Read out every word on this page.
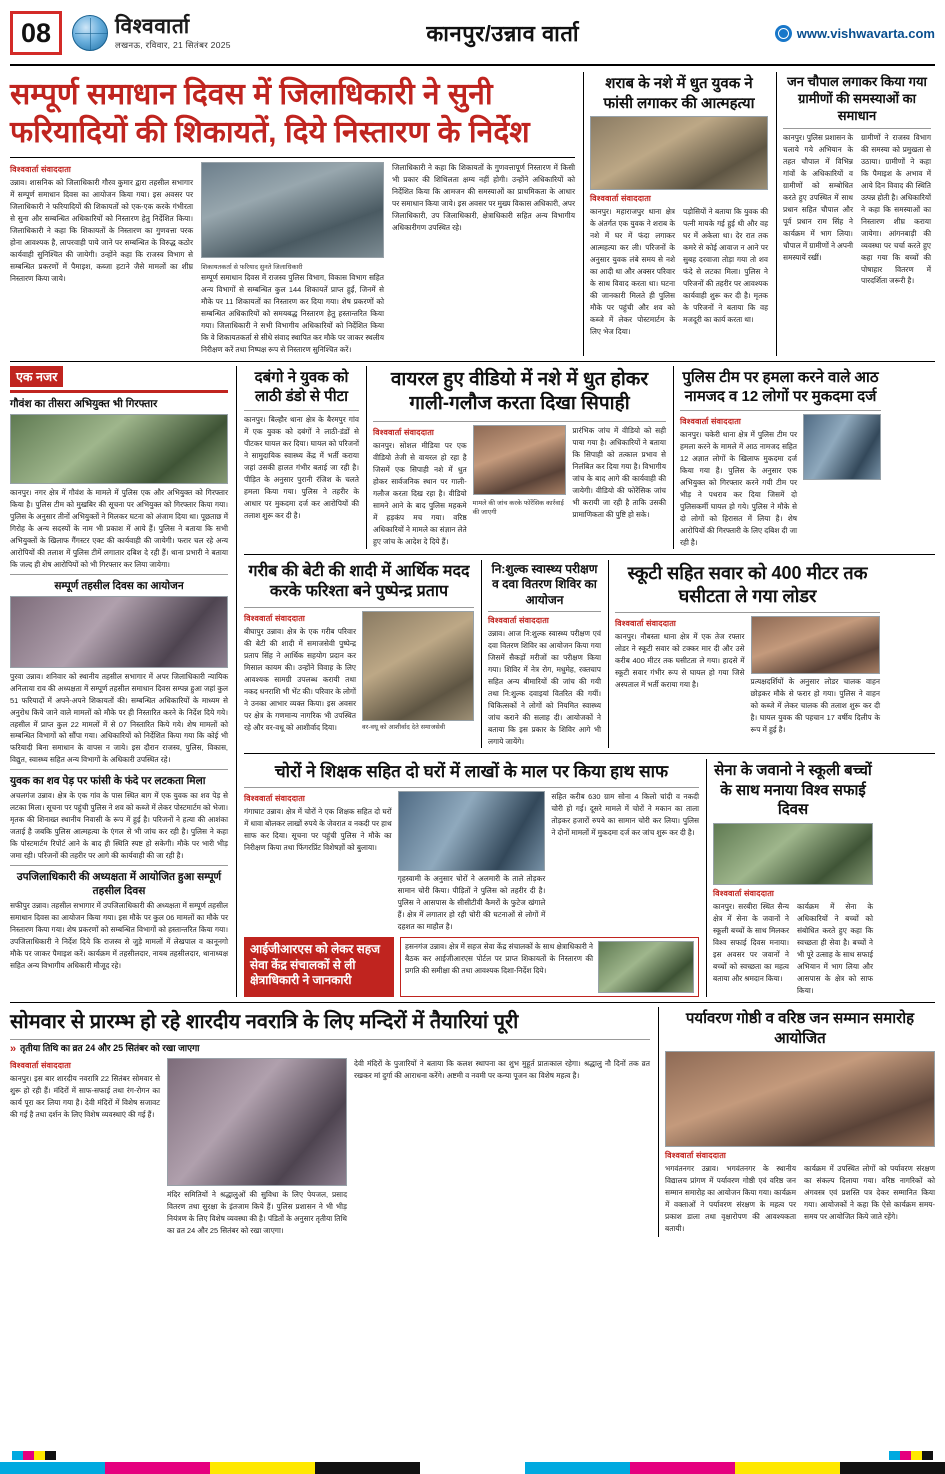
08	विश्ववार्ता
लखनऊ, रविवार, 21 सितंबर 2025	कानपुर/उन्नाव वार्ता	www.vishwavarta.com
सम्पूर्ण समाधान दिवस में जिलाधिकारी ने सुनी फरियादियों की शिकायतें, दिये निस्तारण के निर्देश
विश्ववार्ता संवाददाता
उन्नाव। शासनिक को जिलाधिकारी गौरव कुमार द्वारा तहसील सभागार में सम्पूर्ण समाधान दिवस का आयोजन किया गया। इस अवसर पर जिलाधिकारी ने फरियादियों की शिकायतों को एक-एक करके गंभीरता से सुना और सम्बन्धित अधिकारियों को निस्तारण हेतु निर्देशित किया। जिलाधिकारी ने कहा कि शिकायतों के निस्तारण का गुणवत्ता परक होना आवश्यक है, लापरवाही पाये जाने पर सम्बन्धित के विरुद्ध कठोर कार्यवाही सुनिश्चित की जायेगी। उन्होंने कहा कि राजस्व विभाग से सम्बन्धित प्रकरणों में पैमाइश, कब्जा हटाने जैसे मामलों का शीघ्र निस्तारण किया जाये।
शिकायतकर्ता से फरियाद सुनते जिलाधिकारी
सम्पूर्ण समाधान दिवस में राजस्व पुलिस विभाग, विकास विभाग सहित अन्य विभागों से सम्बन्धित कुल 144 शिकायतें प्राप्त हुईं, जिनमें से मौके पर 11 शिकायतों का निस्तारण कर दिया गया। शेष प्रकरणों को सम्बन्धित अधिकारियों को समयबद्ध निस्तारण हेतु हस्तान्तरित किया गया। जिलाधिकारी ने सभी विभागीय अधिकारियों को निर्देशित किया कि वे शिकायतकर्ता से सीधे संवाद स्थापित कर मौके पर जाकर स्थलीय निरीक्षण करें तथा निष्पक्ष रूप से निस्तारण सुनिश्चित करें।
जिलाधिकारी ने कहा कि शिकायतों के गुणवत्तापूर्ण निस्तारण में किसी भी प्रकार की शिथिलता क्षम्य नहीं होगी। उन्होंने अधिकारियों को निर्देशित किया कि आमजन की समस्याओं का प्राथमिकता के आधार पर समाधान किया जाये। इस अवसर पर मुख्य विकास अधिकारी, अपर जिलाधिकारी, उप जिलाधिकारी, क्षेत्राधिकारी सहित अन्य विभागीय अधिकारीगण उपस्थित रहे।
शराब के नशे में धुत युवक ने फांसी लगाकर की आत्महत्या
विश्ववार्ता संवाददाता
कानपुर। महाराजपुर थाना क्षेत्र के अंतर्गत एक युवक ने शराब के नशे में घर में फंदा लगाकर आत्महत्या कर ली। परिजनों के अनुसार युवक लंबे समय से नशे का आदी था और अक्सर परिवार के साथ विवाद करता था। घटना की जानकारी मिलते ही पुलिस मौके पर पहुंची और शव को कब्जे में लेकर पोस्टमार्टम के लिए भेज दिया।
पड़ोसियों ने बताया कि युवक की पत्नी मायके गई हुई थी और वह घर में अकेला था। देर रात तक कमरे से कोई आवाज न आने पर सुबह दरवाजा तोड़ा गया तो शव फंदे से लटका मिला। पुलिस ने परिजनों की तहरीर पर आवश्यक कार्यवाही शुरू कर दी है। मृतक के परिजनों ने बताया कि वह मजदूरी का कार्य करता था।
जन चौपाल लगाकर किया गया ग्रामीणों की समस्याओं का समाधान
कानपुर। पुलिस प्रशासन के चलाये गये अभियान के तहत चौपाल में विभिन्न गांवों के अधिकारियों व ग्रामीणों को सम्बोधित करते हुए उपस्थित में साथ प्रधान सहित चौपाल और पूर्व प्रधान राम सिंह ने कार्यक्रम में भाग लिया। चौपाल में ग्रामीणों ने अपनी समस्यायें रखीं।
ग्रामीणों ने राजस्व विभाग की समस्या को प्रमुखता से उठाया। ग्रामीणों ने कहा कि पैमाइश के अभाव में आये दिन विवाद की स्थिति उत्पन्न होती है। अधिकारियों ने कहा कि समस्याओं का निस्तारण शीघ्र कराया जायेगा। आंगनबाड़ी की व्यवस्था पर चर्चा करते हुए कहा गया कि बच्चों की पोषाहार वितरण में पारदर्शिता जरूरी है।
एक नजर
गौवंश का तीसरा अभियुक्त भी गिरफ्तार
कानपुर। नगर क्षेत्र में गौवंश के मामले में पुलिस एक और अभियुक्त को गिरफ्तार किया है। पुलिस टीम को मुखबिर की सूचना पर अभियुक्त को गिरफ्तार किया गया। पुलिस के अनुसार तीनों अभियुक्तों ने मिलकर घटना को अंजाम दिया था। पूछताछ में गिरोह के अन्य सदस्यों के नाम भी प्रकाश में आये हैं। पुलिस ने बताया कि सभी अभियुक्तों के खिलाफ गैंगस्टर एक्ट की कार्यवाही की जायेगी। फरार चल रहे अन्य आरोपियों की तलाश में पुलिस टीमें लगातार दबिश दे रही हैं। थाना प्रभारी ने बताया कि जल्द ही शेष आरोपियों को भी गिरफ्तार कर लिया जायेगा।
सम्पूर्ण तहसील दिवस का आयोजन
पुरवा उन्नाव। शनिवार को स्थानीय तहसील सभागार में अपर जिलाधिकारी न्यायिक अनिलाया राव की अध्यक्षता में सम्पूर्ण तहसील समाधान दिवस सम्पन्न हुआ जहां कुल 51 फरियादों में अपने-अपने शिकायतों की। सम्बन्धित अधिकारियों के माध्यम से अनुरोध किये जाने वाले मामलों को मौके पर ही निस्तारित करने के निर्देश दिये गये। तहसील में प्राप्त कुल 22 मामलों में से 07 निस्तारित किये गये। शेष मामलों को सम्बन्धित विभागों को सौंपा गया। अधिकारियों को निर्देशित किया गया कि कोई भी फरियादी बिना समाधान के वापस न जाये। इस दौरान राजस्व, पुलिस, विकास, विद्युत, स्वास्थ्य सहित अन्य विभागों के अधिकारी उपस्थित रहे।
युवक का शव पेड़ पर फांसी के फंदे पर लटकता मिला
अचलगंज उन्नाव। क्षेत्र के एक गांव के पास स्थित बाग में एक युवक का शव पेड़ से लटका मिला। सूचना पर पहुंची पुलिस ने शव को कब्जे में लेकर पोस्टमार्टम को भेजा। मृतक की शिनाख्त स्थानीय निवासी के रूप में हुई है। परिजनों ने हत्या की आशंका जताई है जबकि पुलिस आत्महत्या के एंगल से भी जांच कर रही है। पुलिस ने कहा कि पोस्टमार्टम रिपोर्ट आने के बाद ही स्थिति स्पष्ट हो सकेगी। मौके पर भारी भीड़ जमा रही। परिजनों की तहरीर पर आगे की कार्यवाही की जा रही है।
उपजिलाधिकारी की अध्यक्षता में आयोजित हुआ सम्पूर्ण तहसील दिवस
सफीपुर उन्नाव। तहसील सभागार में उपजिलाधिकारी की अध्यक्षता में सम्पूर्ण तहसील समाधान दिवस का आयोजन किया गया। इस मौके पर कुल 06 मामलों का मौके पर निस्तारण किया गया। शेष प्रकरणों को सम्बन्धित विभागों को हस्तान्तरित किया गया। उपजिलाधिकारी ने निर्देश दिये कि राजस्व से जुड़े मामलों में लेखपाल व कानूनगो मौके पर जाकर पैमाइश करें। कार्यक्रम में तहसीलदार, नायब तहसीलदार, थानाध्यक्ष सहित अन्य विभागीय अधिकारी मौजूद रहे।
दबंगो ने युवक को लाठी डंडो से पीटा
कानपुर। बिल्हौर थाना क्षेत्र के बैरमपुर गांव में एक युवक को दबंगों ने लाठी-डंडों से पीटकर घायल कर दिया। घायल को परिजनों ने सामुदायिक स्वास्थ्य केंद्र में भर्ती कराया जहां उसकी हालत गंभीर बताई जा रही है। पीड़ित के अनुसार पुरानी रंजिश के चलते हमला किया गया। पुलिस ने तहरीर के आधार पर मुकदमा दर्ज कर आरोपियों की तलाश शुरू कर दी है।
वायरल हुए वीडियो में नशे में धुत होकर गाली-गलौज करता दिखा सिपाही
विश्ववार्ता संवाददाता
कानपुर। सोशल मीडिया पर एक वीडियो तेजी से वायरल हो रहा है जिसमें एक सिपाही नशे में धुत होकर सार्वजनिक स्थान पर गाली-गलौज करता दिख रहा है। वीडियो सामने आने के बाद पुलिस महकमे में हड़कंप मच गया। वरिष्ठ अधिकारियों ने मामले का संज्ञान लेते हुए जांच के आदेश दे दिये हैं।
मामले की जांच करके फोरेंसिक कार्रवाई की जाएगी
प्रारंभिक जांच में वीडियो को सही पाया गया है। अधिकारियों ने बताया कि सिपाही को तत्काल प्रभाव से निलंबित कर दिया गया है। विभागीय जांच के बाद आगे की कार्यवाही की जायेगी। वीडियो की फोरेंसिक जांच भी करायी जा रही है ताकि उसकी प्रामाणिकता की पुष्टि हो सके।
पुलिस टीम पर हमला करने वाले आठ नामजद व 12 लोगों पर मुकदमा दर्ज
विश्ववार्ता संवाददाता
कानपुर। चकेरी थाना क्षेत्र में पुलिस टीम पर हमला करने के मामले में आठ नामजद सहित 12 अज्ञात लोगों के खिलाफ मुकदमा दर्ज किया गया है। पुलिस के अनुसार एक अभियुक्त को गिरफ्तार करने गयी टीम पर भीड़ ने पथराव कर दिया जिसमें दो पुलिसकर्मी घायल हो गये। पुलिस ने मौके से दो लोगों को हिरासत में लिया है। शेष आरोपियों की गिरफ्तारी के लिए दबिश दी जा रही है।
गरीब की बेटी की शादी में आर्थिक मदद करके फरिश्ता बने पुष्पेन्द्र प्रताप
विश्ववार्ता संवाददाता
बीघापुर उन्नाव। क्षेत्र के एक गरीब परिवार की बेटी की शादी में समाजसेवी पुष्पेन्द्र प्रताप सिंह ने आर्थिक सहयोग प्रदान कर मिसाल कायम की। उन्होंने विवाह के लिए आवश्यक सामग्री उपलब्ध करायी तथा नकद धनराशि भी भेंट की। परिवार के लोगों ने उनका आभार व्यक्त किया। इस अवसर पर क्षेत्र के गणमान्य नागरिक भी उपस्थित रहे और वर-वधू को आशीर्वाद दिया।	वर-वधू को आशीर्वाद देते समाजसेवी
नि:शुल्क स्वास्थ्य परीक्षण व दवा वितरण शिविर का आयोजन
विश्ववार्ता संवाददाता
उन्नाव। आज नि:शुल्क स्वास्थ्य परीक्षण एवं दवा वितरण शिविर का आयोजन किया गया जिसमें सैकड़ों मरीजों का परीक्षण किया गया। शिविर में नेत्र रोग, मधुमेह, रक्तचाप सहित अन्य बीमारियों की जांच की गयी तथा नि:शुल्क दवाइयां वितरित की गयीं। चिकित्सकों ने लोगों को नियमित स्वास्थ्य जांच कराने की सलाह दी। आयोजकों ने बताया कि इस प्रकार के शिविर आगे भी लगाये जायेंगे।
स्कूटी सहित सवार को 400 मीटर तक घसीटता ले गया लोडर
विश्ववार्ता संवाददाता
कानपुर। नौबस्ता थाना क्षेत्र में एक तेज रफ्तार लोडर ने स्कूटी सवार को टक्कर मार दी और उसे करीब 400 मीटर तक घसीटता ले गया। हादसे में स्कूटी सवार गंभीर रूप से घायल हो गया जिसे अस्पताल में भर्ती कराया गया है।	प्रत्यक्षदर्शियों के अनुसार लोडर चालक वाहन छोड़कर मौके से फरार हो गया। पुलिस ने वाहन को कब्जे में लेकर चालक की तलाश शुरू कर दी है। घायल युवक की पहचान 17 वर्षीय दिलीप के रूप में हुई है।
चोरों ने शिक्षक सहित दो घरों में लाखों के माल पर किया हाथ साफ
विश्ववार्ता संवाददाता
गंगाघाट उन्नाव। क्षेत्र में चोरों ने एक शिक्षक सहित दो घरों में धावा बोलकर लाखों रुपये के जेवरात व नकदी पर हाथ साफ कर दिया। सूचना पर पहुंची पुलिस ने मौके का निरीक्षण किया तथा फिंगरप्रिंट विशेषज्ञों को बुलाया।
गृहस्वामी के अनुसार चोरों ने अलमारी के ताले तोड़कर सामान चोरी किया। पीड़ितों ने पुलिस को तहरीर दी है। पुलिस ने आसपास के सीसीटीवी कैमरों के फुटेज खंगाले हैं। क्षेत्र में लगातार हो रही चोरी की घटनाओं से लोगों में दहशत का माहौल है।
सहित करीब 630 ग्राम सोना 4 किलो चांदी व नकदी चोरी हो गई। दूसरे मामले में चोरों ने मकान का ताला तोड़कर हजारों रुपये का सामान चोरी कर लिया। पुलिस ने दोनों मामलों में मुकदमा दर्ज कर जांच शुरू कर दी है।
आईजीआरएस को लेकर सहज सेवा केंद्र संचालकों से ली क्षेत्राधिकारी ने जानकारी
हसनगंज उन्नाव। क्षेत्र में सहज सेवा केंद्र संचालकों के साथ क्षेत्राधिकारी ने बैठक कर आईजीआरएस पोर्टल पर प्राप्त शिकायतों के निस्तारण की प्रगति की समीक्षा की तथा आवश्यक दिशा-निर्देश दिये।
सेना के जवानो ने स्कूली बच्चों के साथ मनाया विश्व सफाई दिवस
विश्ववार्ता संवाददाता
कानपुर। सरबीरा स्थित सैन्य क्षेत्र में सेना के जवानों ने स्कूली बच्चों के साथ मिलकर विश्व सफाई दिवस मनाया। इस अवसर पर जवानों ने बच्चों को स्वच्छता का महत्व बताया और श्रमदान किया।
कार्यक्रम में सेना के अधिकारियों ने बच्चों को संबोधित करते हुए कहा कि स्वच्छता ही सेवा है। बच्चों ने भी पूरे उत्साह के साथ सफाई अभियान में भाग लिया और आसपास के क्षेत्र को साफ किया।
सोमवार से प्रारम्भ हो रहे शारदीय नवरात्रि के लिए मन्दिरों में तैयारियां पूरी
» तृतीया तिथि का व्रत 24 और 25 सितंबर को रखा जाएगा
विश्ववार्ता संवाददाता
कानपुर। इस बार शारदीय नवरात्रि 22 सितंबर सोमवार से शुरू हो रही हैं। मंदिरों में साफ-सफाई तथा रंग-रोगन का कार्य पूरा कर लिया गया है। देवी मंदिरों में विशेष सजावट की गई है तथा दर्शन के लिए विशेष व्यवस्थाएं की गई हैं।
मंदिर समितियों ने श्रद्धालुओं की सुविधा के लिए पेयजल, प्रसाद वितरण तथा सुरक्षा के इंतजाम किये हैं। पुलिस प्रशासन ने भी भीड़ नियंत्रण के लिए विशेष व्यवस्था की है। पंडितों के अनुसार तृतीया तिथि का व्रत 24 और 25 सितंबर को रखा जाएगा।
देवी मंदिरों के पुजारियों ने बताया कि कलश स्थापना का शुभ मुहूर्त प्रातःकाल रहेगा। श्रद्धालु नौ दिनों तक व्रत रखकर मां दुर्गा की आराधना करेंगे। अष्टमी व नवमी पर कन्या पूजन का विशेष महत्व है।
पर्यावरण गोष्ठी व वरिष्ठ जन सम्मान समारोह आयोजित
विश्ववार्ता संवाददाता
भगवंतनगर उन्नाव। भगवंतनगर के स्थानीय विद्यालय प्रांगण में पर्यावरण गोष्ठी एवं वरिष्ठ जन सम्मान समारोह का आयोजन किया गया। कार्यक्रम में वक्ताओं ने पर्यावरण संरक्षण के महत्व पर प्रकाश डाला तथा वृक्षारोपण की आवश्यकता बतायी।
कार्यक्रम में उपस्थित लोगों को पर्यावरण संरक्षण का संकल्प दिलाया गया। वरिष्ठ नागरिकों को अंगवस्त्र एवं प्रशस्ति पत्र देकर सम्मानित किया गया। आयोजकों ने कहा कि ऐसे कार्यक्रम समय-समय पर आयोजित किये जाते रहेंगे।
